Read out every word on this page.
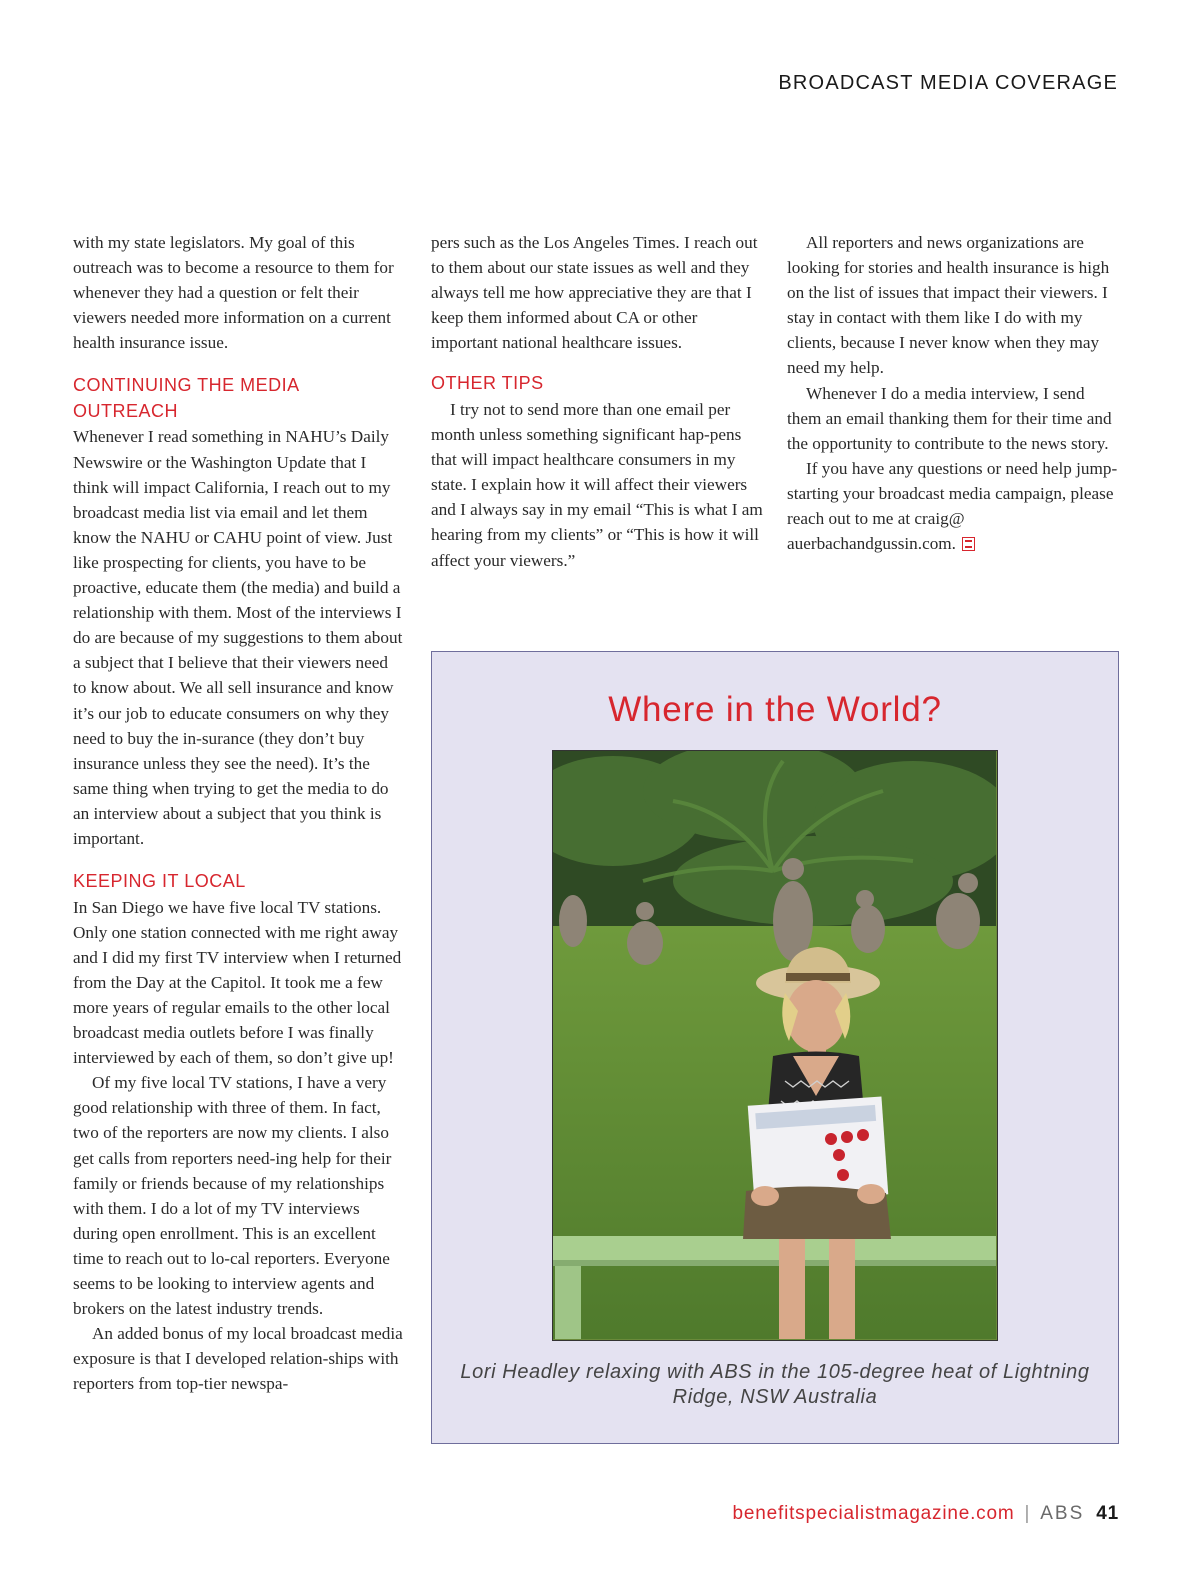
BROADCAST MEDIA COVERAGE

with my state legislators. My goal of this outreach was to become a resource to them for whenever they had a question or felt their viewers needed more information on a current health insurance issue.

CONTINUING THE MEDIA OUTREACH

Whenever I read something in NAHU’s Daily Newswire or the Washington Update that I think will impact California, I reach out to my broadcast media list via email and let them know the NAHU or CAHU point of view. Just like prospecting for clients, you have to be proactive, educate them (the media) and build a relationship with them. Most of the interviews I do are because of my suggestions to them about a subject that I believe that their viewers need to know about. We all sell insurance and know it’s our job to educate consumers on why they need to buy the in-surance (they don’t buy insurance unless they see the need). It’s the same thing when trying to get the media to do an interview about a subject that you think is important.

KEEPING IT LOCAL

In San Diego we have five local TV stations. Only one station connected with me right away and I did my first TV interview when I returned from the Day at the Capitol. It took me a few more years of regular emails to the other local broadcast media outlets before I was finally interviewed by each of them, so don’t give up!

Of my five local TV stations, I have a very good relationship with three of them. In fact, two of the reporters are now my clients. I also get calls from reporters need-ing help for their family or friends because of my relationships with them. I do a lot of my TV interviews during open enrollment. This is an excellent time to reach out to lo-cal reporters. Everyone seems to be looking to interview agents and brokers on the latest industry trends.

An added bonus of my local broadcast media exposure is that I developed relation-ships with reporters from top-tier newspa-

pers such as the Los Angeles Times. I reach out to them about our state issues as well and they always tell me how appreciative they are that I keep them informed about CA or other important national healthcare issues.

OTHER TIPS

I try not to send more than one email per month unless something significant hap-pens that will impact healthcare consumers in my state. I explain how it will affect their viewers and I always say in my email “This is what I am hearing from my clients” or “This is how it will affect your viewers.”

All reporters and news organizations are looking for stories and health insurance is high on the list of issues that impact their viewers. I stay in contact with them like I do with my clients, because I never know when they may need my help.

Whenever I do a media interview, I send them an email thanking them for their time and the opportunity to contribute to the news story.

If you have any questions or need help jump-starting your broadcast media campaign, please reach out to me at craig@ auerbachandgussin.com.

Where in the World?
Lori Headley relaxing with ABS in the 105-degree heat of Lightning Ridge, NSW Australia
benefitspecialistmagazine.com | ABS 41
